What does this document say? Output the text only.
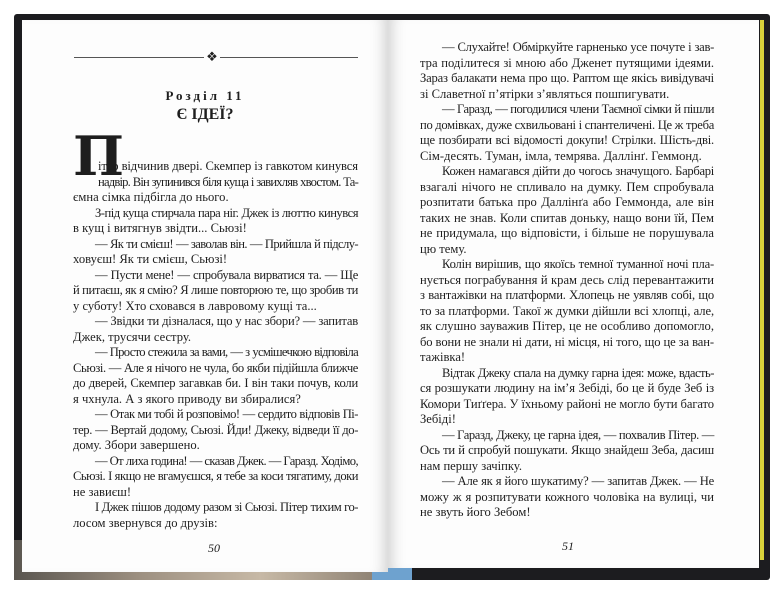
❖
Розділ 11
Є ІДЕЇ?
П
ітер відчинив двері. Скемпер із гавкотом кинувся
надвір. Він зупинився біля куща і завихляв хвостом. Та-
ємна сімка підбігла до нього.
З-під куща стирчала пара ніг. Джек із люттю кинувся
в кущ і витягнув звідти... Сьюзі!
— Як ти смієш! — заволав він. — Прийшла й підслу-
ховуєш! Як ти смієш, Сьюзі!
— Пусти мене! — спробувала вирватися та. — Ще
й питаєш, як я смію? Я лише повторюю те, що зробив ти
у суботу! Хто сховався в лавровому кущі та...
— Звідки ти дізналася, що у нас збори? — запитав
Джек, трусячи сестру.
— Просто стежила за вами, — з усмішечкою відповіла
Сьюзі. — Але я нічого не чула, бо якби підійшла ближче
до дверей, Скемпер загавкав би. І він таки почув, коли
я чхнула. А з якого приводу ви збиралися?
— Отак ми тобі й розповімо! — сердито відповів Пі-
тер. — Вертай додому, Сьюзі. Йди! Джеку, відведи її до-
дому. Збори завершено.
— От лиха година! — сказав Джек. — Гаразд. Ходімо,
Сьюзі. І якщо не вгамуєшся, я тебе за коси тягатиму, доки
не завиєш!
І Джек пішов додому разом зі Сьюзі. Пітер тихим го-
лосом звернувся до друзів:
50
— Слухайте! Обміркуйте гарненько усе почуте і зав-
тра поділитеся зі мною або Дженет путящими ідеями.
Зараз балакати нема про що. Раптом ще якісь вивідувачі
зі Славетної п’ятірки з’являться пошпигувати.
— Гаразд, — погодилися члени Таємної сімки й пішли
по домівках, дуже схвильовані і спантеличені. Це ж треба
ще позбирати всі відомості докупи! Стрілки. Шість-дві.
Сім-десять. Туман, імла, темрява. Даллінґ. Геммонд.
Кожен намагався дійти до чогось значущого. Барбарі
взагалі нічого не спливало на думку. Пем спробувала
розпитати батька про Даллінґа або Геммонда, але він
таких не знав. Коли спитав доньку, нащо вони їй, Пем
не придумала, що відповісти, і більше не порушувала
цю тему.
Колін вирішив, що якоїсь темної туманної ночі пла-
нується пограбування й крам десь слід перевантажити
з вантажівки на платформи. Хлопець не уявляв собі, що
то за платформи. Такої ж думки дійшли всі хлопці, але,
як слушно зауважив Пітер, це не особливо допомогло,
бо вони не знали ні дати, ні місця, ні того, що це за ван-
тажівка!
Відтак Джеку спала на думку гарна ідея: може, вдасть-
ся розшукати людину на ім’я Зебіді, бо це й буде Зеб із
Комори Тиґґера. У їхньому районі не могло бути багато
Зебіді!
— Гаразд, Джеку, це гарна ідея, — похвалив Пітер. —
Ось ти й спробуй пошукати. Якщо знайдеш Зеба, дасиш
нам першу зачіпку.
— Але як я його шукатиму? — запитав Джек. — Не
можу ж я розпитувати кожного чоловіка на вулиці, чи
не звуть його Зебом!
51
